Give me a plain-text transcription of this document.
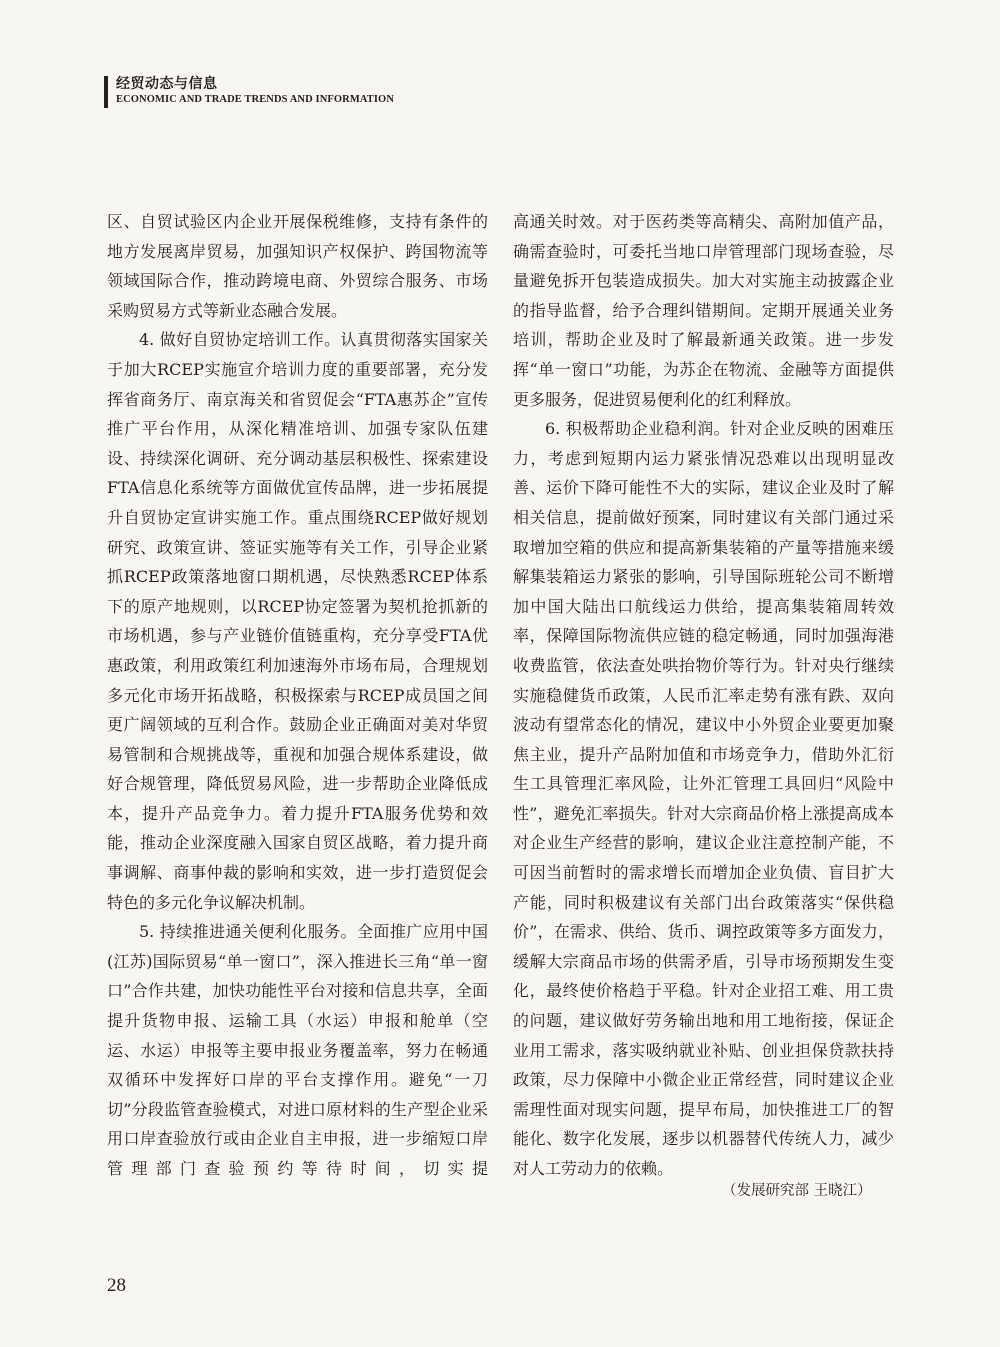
经贸动态与信息
ECONOMIC AND TRADE TRENDS AND INFORMATION

区、自贸试验区内企业开展保税维修，支持有条件的地方发展离岸贸易，加强知识产权保护、跨国物流等领域国际合作，推动跨境电商、外贸综合服务、市场采购贸易方式等新业态融合发展。

4. 做好自贸协定培训工作。认真贯彻落实国家关于加大RCEP实施宣介培训力度的重要部署，充分发挥省商务厅、南京海关和省贸促会“FTA惠苏企”宣传推广平台作用，从深化精准培训、加强专家队伍建设、持续深化调研、充分调动基层积极性、探索建设FTA信息化系统等方面做优宣传品牌，进一步拓展提升自贸协定宣讲实施工作。重点围绕RCEP做好规划研究、政策宣讲、签证实施等有关工作，引导企业紧抓RCEP政策落地窗口期机遇，尽快熟悉RCEP体系下的原产地规则，以RCEP协定签署为契机抢抓新的市场机遇，参与产业链价值链重构，充分享受FTA优惠政策，利用政策红利加速海外市场布局，合理规划多元化市场开拓战略，积极探索与RCEP成员国之间更广阔领域的互利合作。鼓励企业正确面对美对华贸易管制和合规挑战等，重视和加强合规体系建设，做好合规管理，降低贸易风险，进一步帮助企业降低成本，提升产品竞争力。着力提升FTA服务优势和效能，推动企业深度融入国家自贸区战略，着力提升商事调解、商事仲裁的影响和实效，进一步打造贸促会特色的多元化争议解决机制。

5. 持续推进通关便利化服务。全面推广应用中国(江苏)国际贸易“单一窗口”，深入推进长三角“单一窗口”合作共建，加快功能性平台对接和信息共享，全面提升货物申报、运输工具（水运）申报和舱单（空运、水运）申报等主要申报业务覆盖率，努力在畅通双循环中发挥好口岸的平台支撑作用。避免“一刀切”分段监管查验模式，对进口原材料的生产型企业采用口岸查验放行或由企业自主申报，进一步缩短口岸管理部门查验预约等待时间，切实提

高通关时效。对于医药类等高精尖、高附加值产品，确需查验时，可委托当地口岸管理部门现场查验，尽量避免拆开包装造成损失。加大对实施主动披露企业的指导监督，给予合理纠错期间。定期开展通关业务培训，帮助企业及时了解最新通关政策。进一步发挥“单一窗口”功能，为苏企在物流、金融等方面提供更多服务，促进贸易便利化的红利释放。

6. 积极帮助企业稳利润。针对企业反映的困难压力，考虑到短期内运力紧张情况恐难以出现明显改善、运价下降可能性不大的实际，建议企业及时了解相关信息，提前做好预案，同时建议有关部门通过采取增加空箱的供应和提高新集装箱的产量等措施来缓解集装箱运力紧张的影响，引导国际班轮公司不断增加中国大陆出口航线运力供给，提高集装箱周转效率，保障国际物流供应链的稳定畅通，同时加强海港收费监管，依法查处哄抬物价等行为。针对央行继续实施稳健货币政策，人民币汇率走势有涨有跌、双向波动有望常态化的情况，建议中小外贸企业要更加聚焦主业，提升产品附加值和市场竞争力，借助外汇衍生工具管理汇率风险，让外汇管理工具回归“风险中性”，避免汇率损失。针对大宗商品价格上涨提高成本对企业生产经营的影响，建议企业注意控制产能，不可因当前暂时的需求增长而增加企业负债、盲目扩大产能，同时积极建议有关部门出台政策落实“保供稳价”，在需求、供给、货币、调控政策等多方面发力，缓解大宗商品市场的供需矛盾，引导市场预期发生变化，最终使价格趋于平稳。针对企业招工难、用工贵的问题，建议做好劳务输出地和用工地衔接，保证企业用工需求，落实吸纳就业补贴、创业担保贷款扶持政策，尽力保障中小微企业正常经营，同时建议企业需理性面对现实问题，提早布局，加快推进工厂的智能化、数字化发展，逐步以机器替代传统人力，减少对人工劳动力的依赖。

（发展研究部 王晓江）
28
